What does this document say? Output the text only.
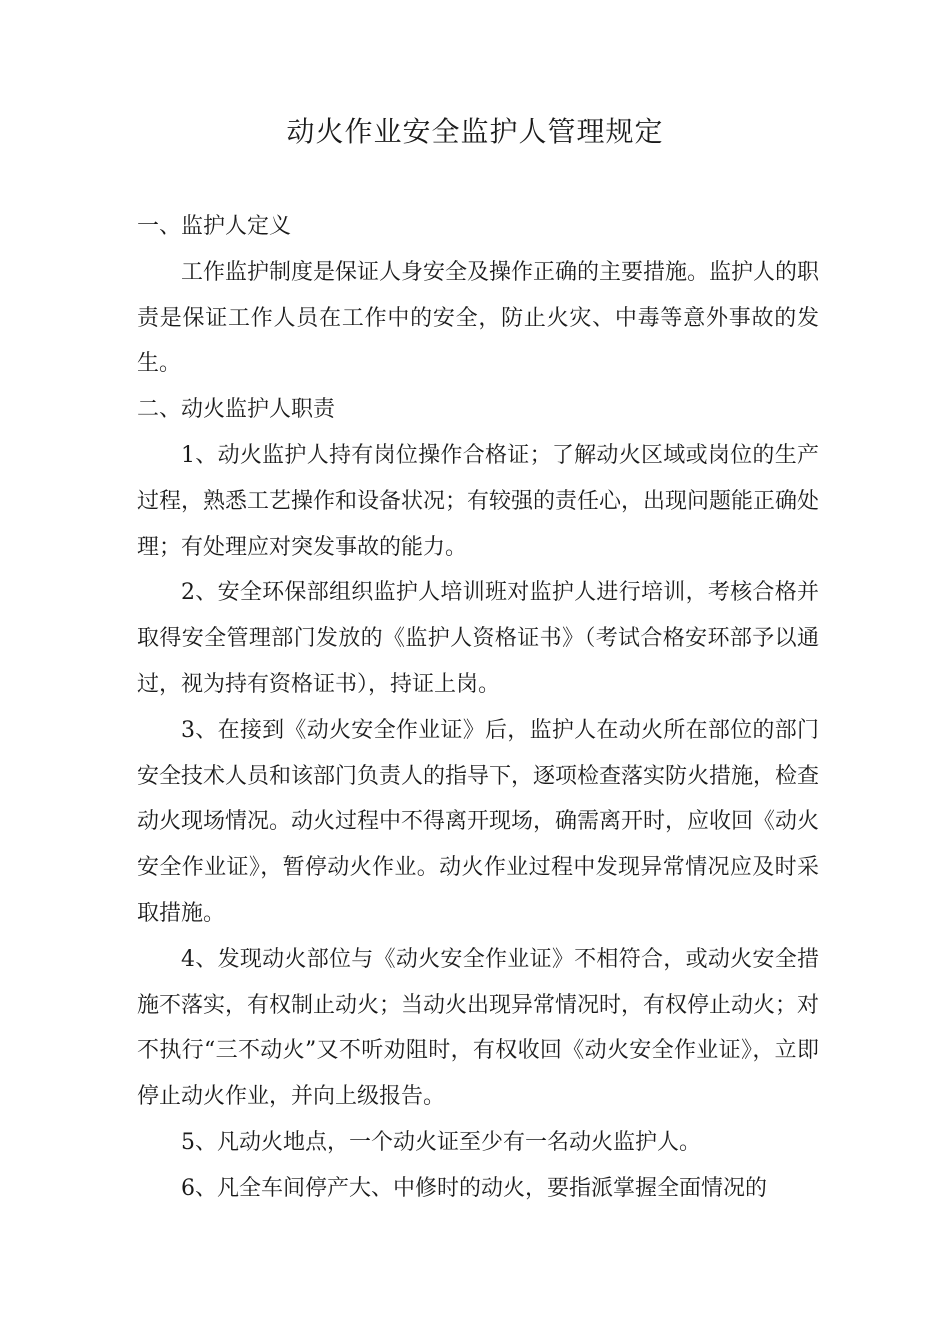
动火作业安全监护人管理规定

一、监护人定义

工作监护制度是保证人身安全及操作正确的主要措施。监护人的职责是保证工作人员在工作中的安全，防止火灾、中毒等意外事故的发生。

二、动火监护人职责

1、动火监护人持有岗位操作合格证；了解动火区域或岗位的生产过程，熟悉工艺操作和设备状况；有较强的责任心，出现问题能正确处理；有处理应对突发事故的能力。

2、安全环保部组织监护人培训班对监护人进行培训，考核合格并取得安全管理部门发放的《监护人资格证书》（考试合格安环部予以通过，视为持有资格证书），持证上岗。

3、在接到《动火安全作业证》后，监护人在动火所在部位的部门安全技术人员和该部门负责人的指导下，逐项检查落实防火措施，检查动火现场情况。动火过程中不得离开现场，确需离开时，应收回《动火安全作业证》，暂停动火作业。动火作业过程中发现异常情况应及时采取措施。

4、发现动火部位与《动火安全作业证》不相符合，或动火安全措施不落实，有权制止动火；当动火出现异常情况时，有权停止动火；对不执行“三不动火”又不听劝阻时，有权收回《动火安全作业证》，立即停止动火作业，并向上级报告。

5、凡动火地点，一个动火证至少有一名动火监护人。

6、凡全车间停产大、中修时的动火，要指派掌握全面情况的
